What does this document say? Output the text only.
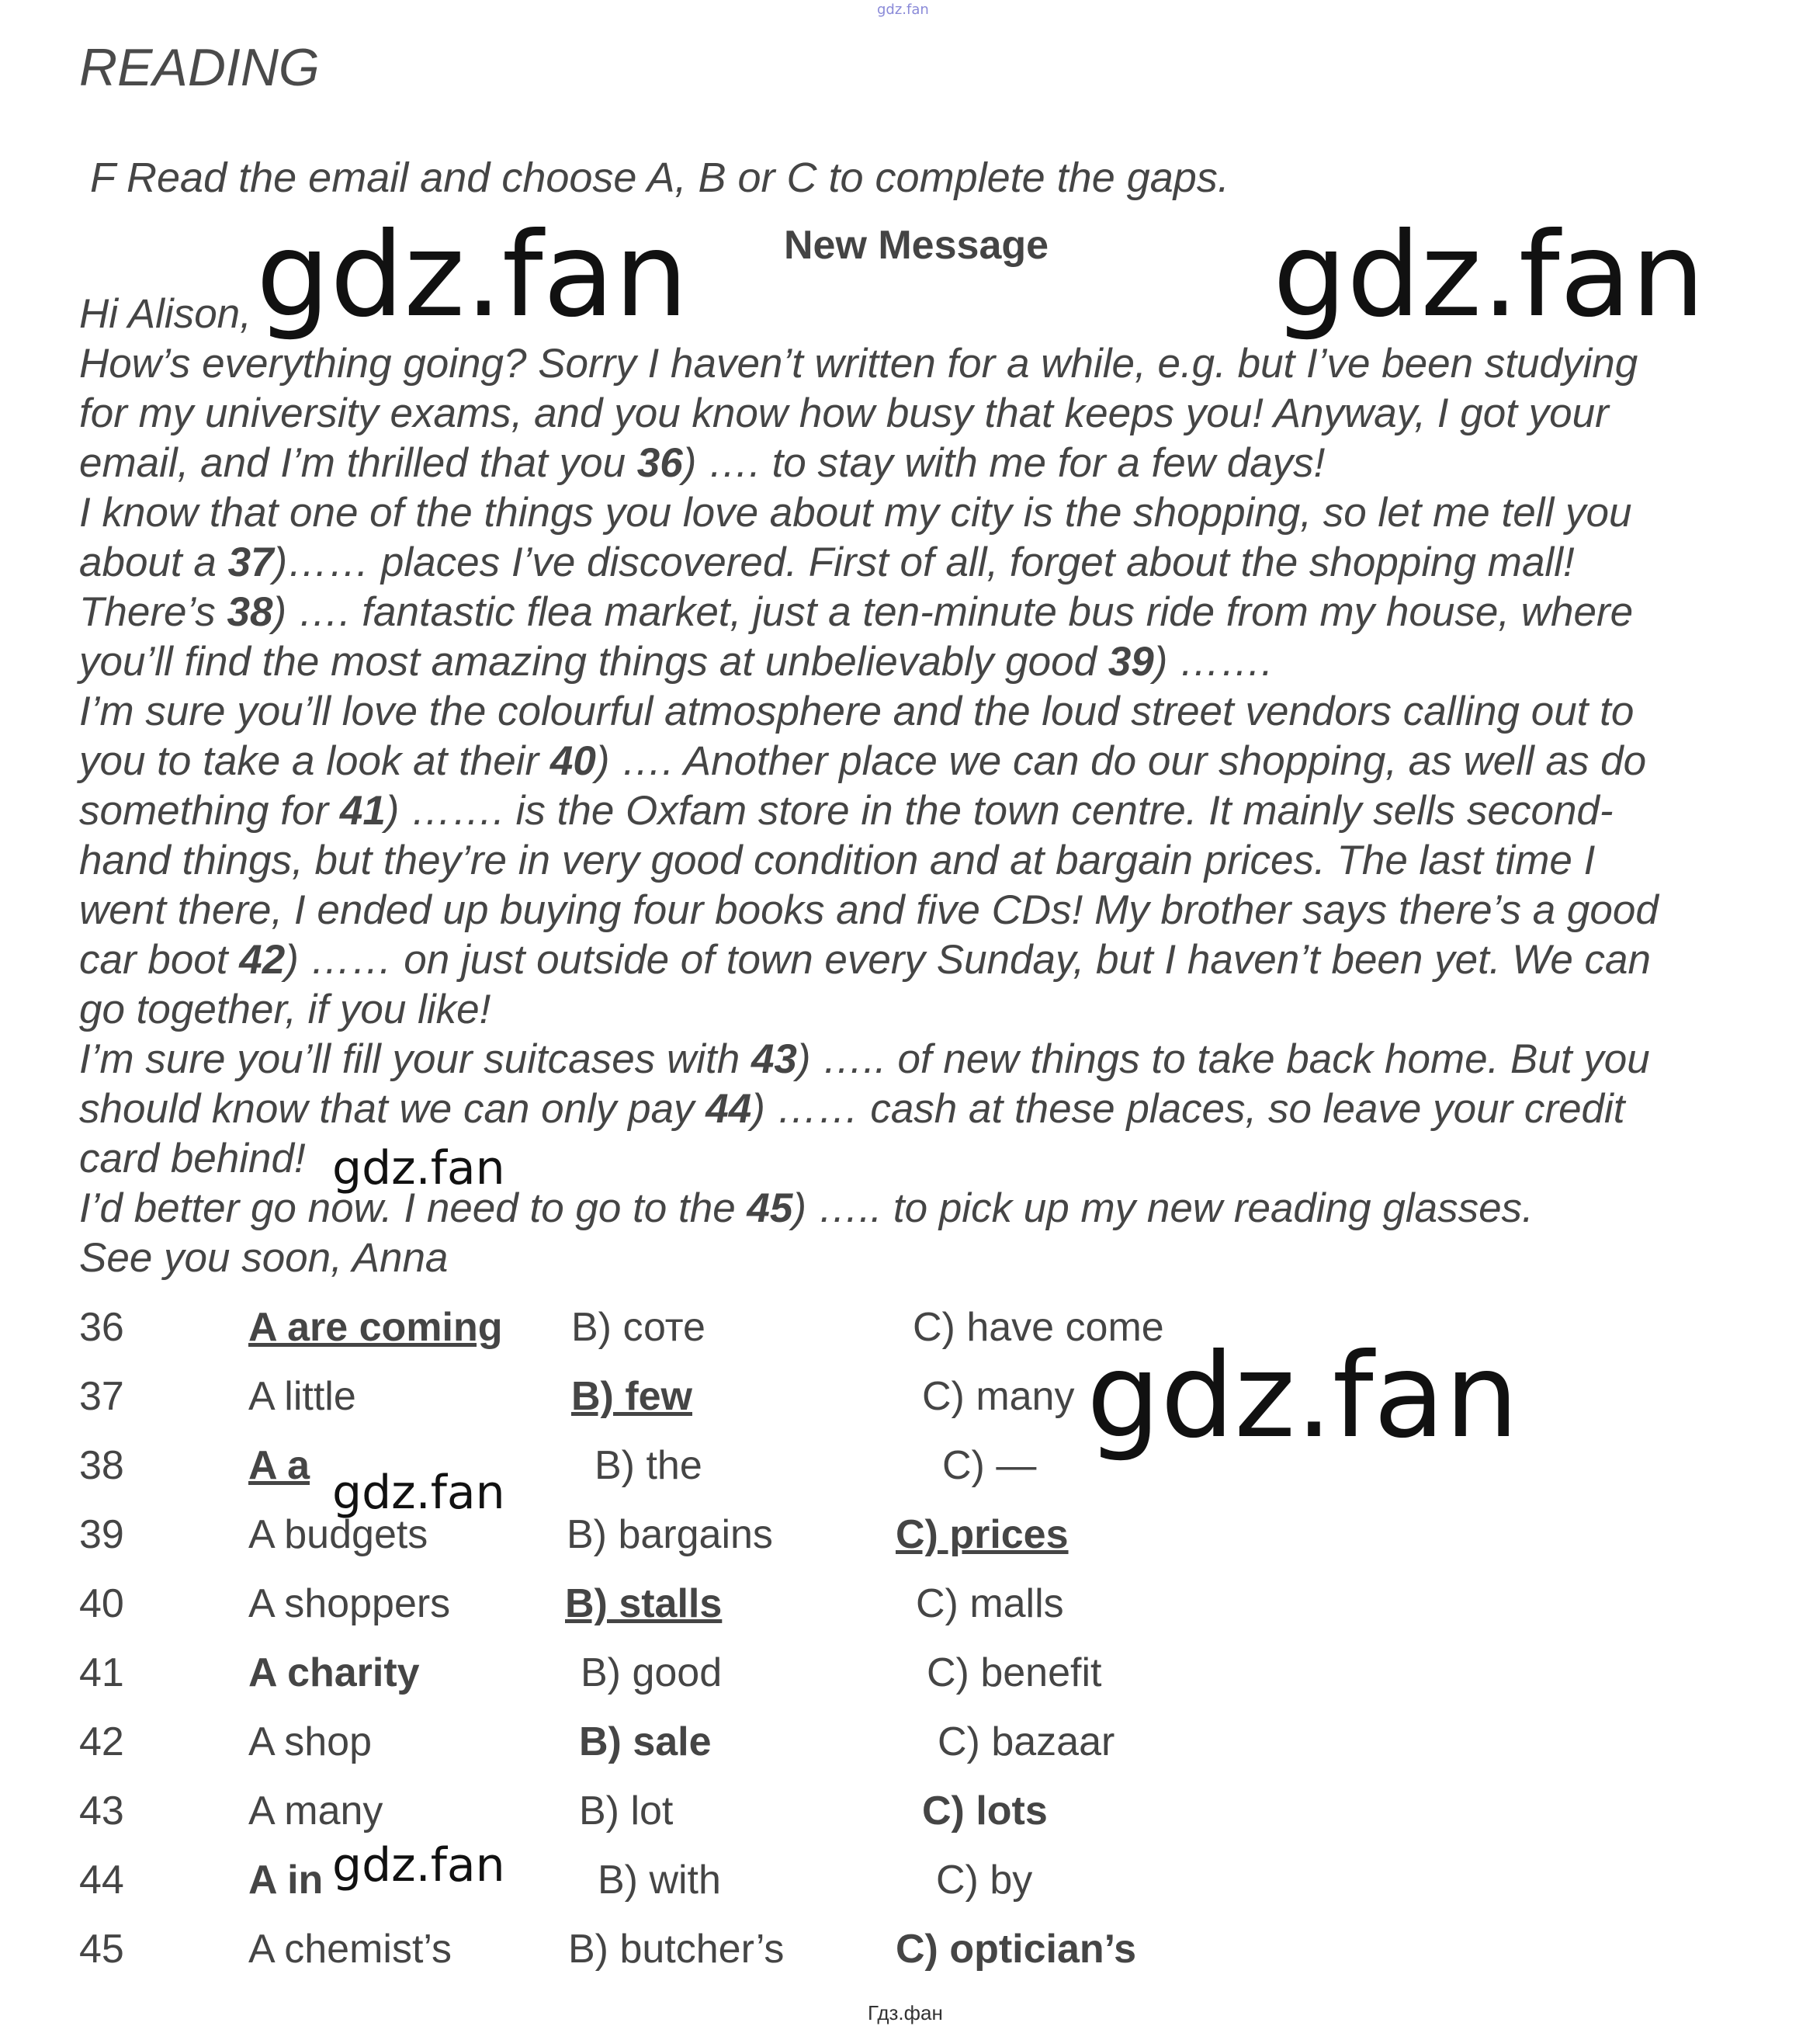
gdz.fan
READING
F Read the email and choose A, B or C to complete the gaps.
New Message
Hi Alison,
How’s everything going? Sorry I haven’t written for a while, e.g. but I’ve been studying
for my university exams, and you know how busy that keeps you! Anyway, I got your
email, and I’m thrilled that you 36) …. to stay with me for a few days!
I know that one of the things you love about my city is the shopping, so let me tell you
about a 37)…… places I’ve discovered. First of all, forget about the shopping mall!
There’s 38) …. fantastic flea market, just a ten-minute bus ride from my house, where
you’ll find the most amazing things at unbelievably good 39) …….
I’m sure you’ll love the colourful atmosphere and the loud street vendors calling out to
you to take a look at their 40) …. Another place we can do our shopping, as well as do
something for 41) ……. is the Oxfam store in the town centre. It mainly sells second-
hand things, but they’re in very good condition and at bargain prices. The last time I
went there, I ended up buying four books and five CDs! My brother says there’s a good
car boot 42) …… on just outside of town every Sunday, but I haven’t been yet. We can
go together, if you like!
I’m sure you’ll fill your suitcases with 43) ….. of new things to take back home. But you
should know that we can only pay 44) …… cash at these places, so leave your credit
card behind!
I’d better go now. I need to go to the 45) ….. to pick up my new reading glasses.
See you soon, Anna
36	A are coming B) соте	C) have come
37	A little	B) few	C) many
38	A a	B) the	C) —
39	A budgets	B) bargains	C) prices
40	A shoppers	B) stalls	C) malls
41	A charity	B) good	C) benefit
42	A shop	B) sale	C) bazaar
43	A many	B) lot	C) lots
44	A in	B) with	C) by
45	A chemist’s	B) butcher’s	C) optician’s
gdz.fan	gdz.fan
gdz.fan
gdz.fan
gdz.fan
gdz.fan
Гдз.фан
